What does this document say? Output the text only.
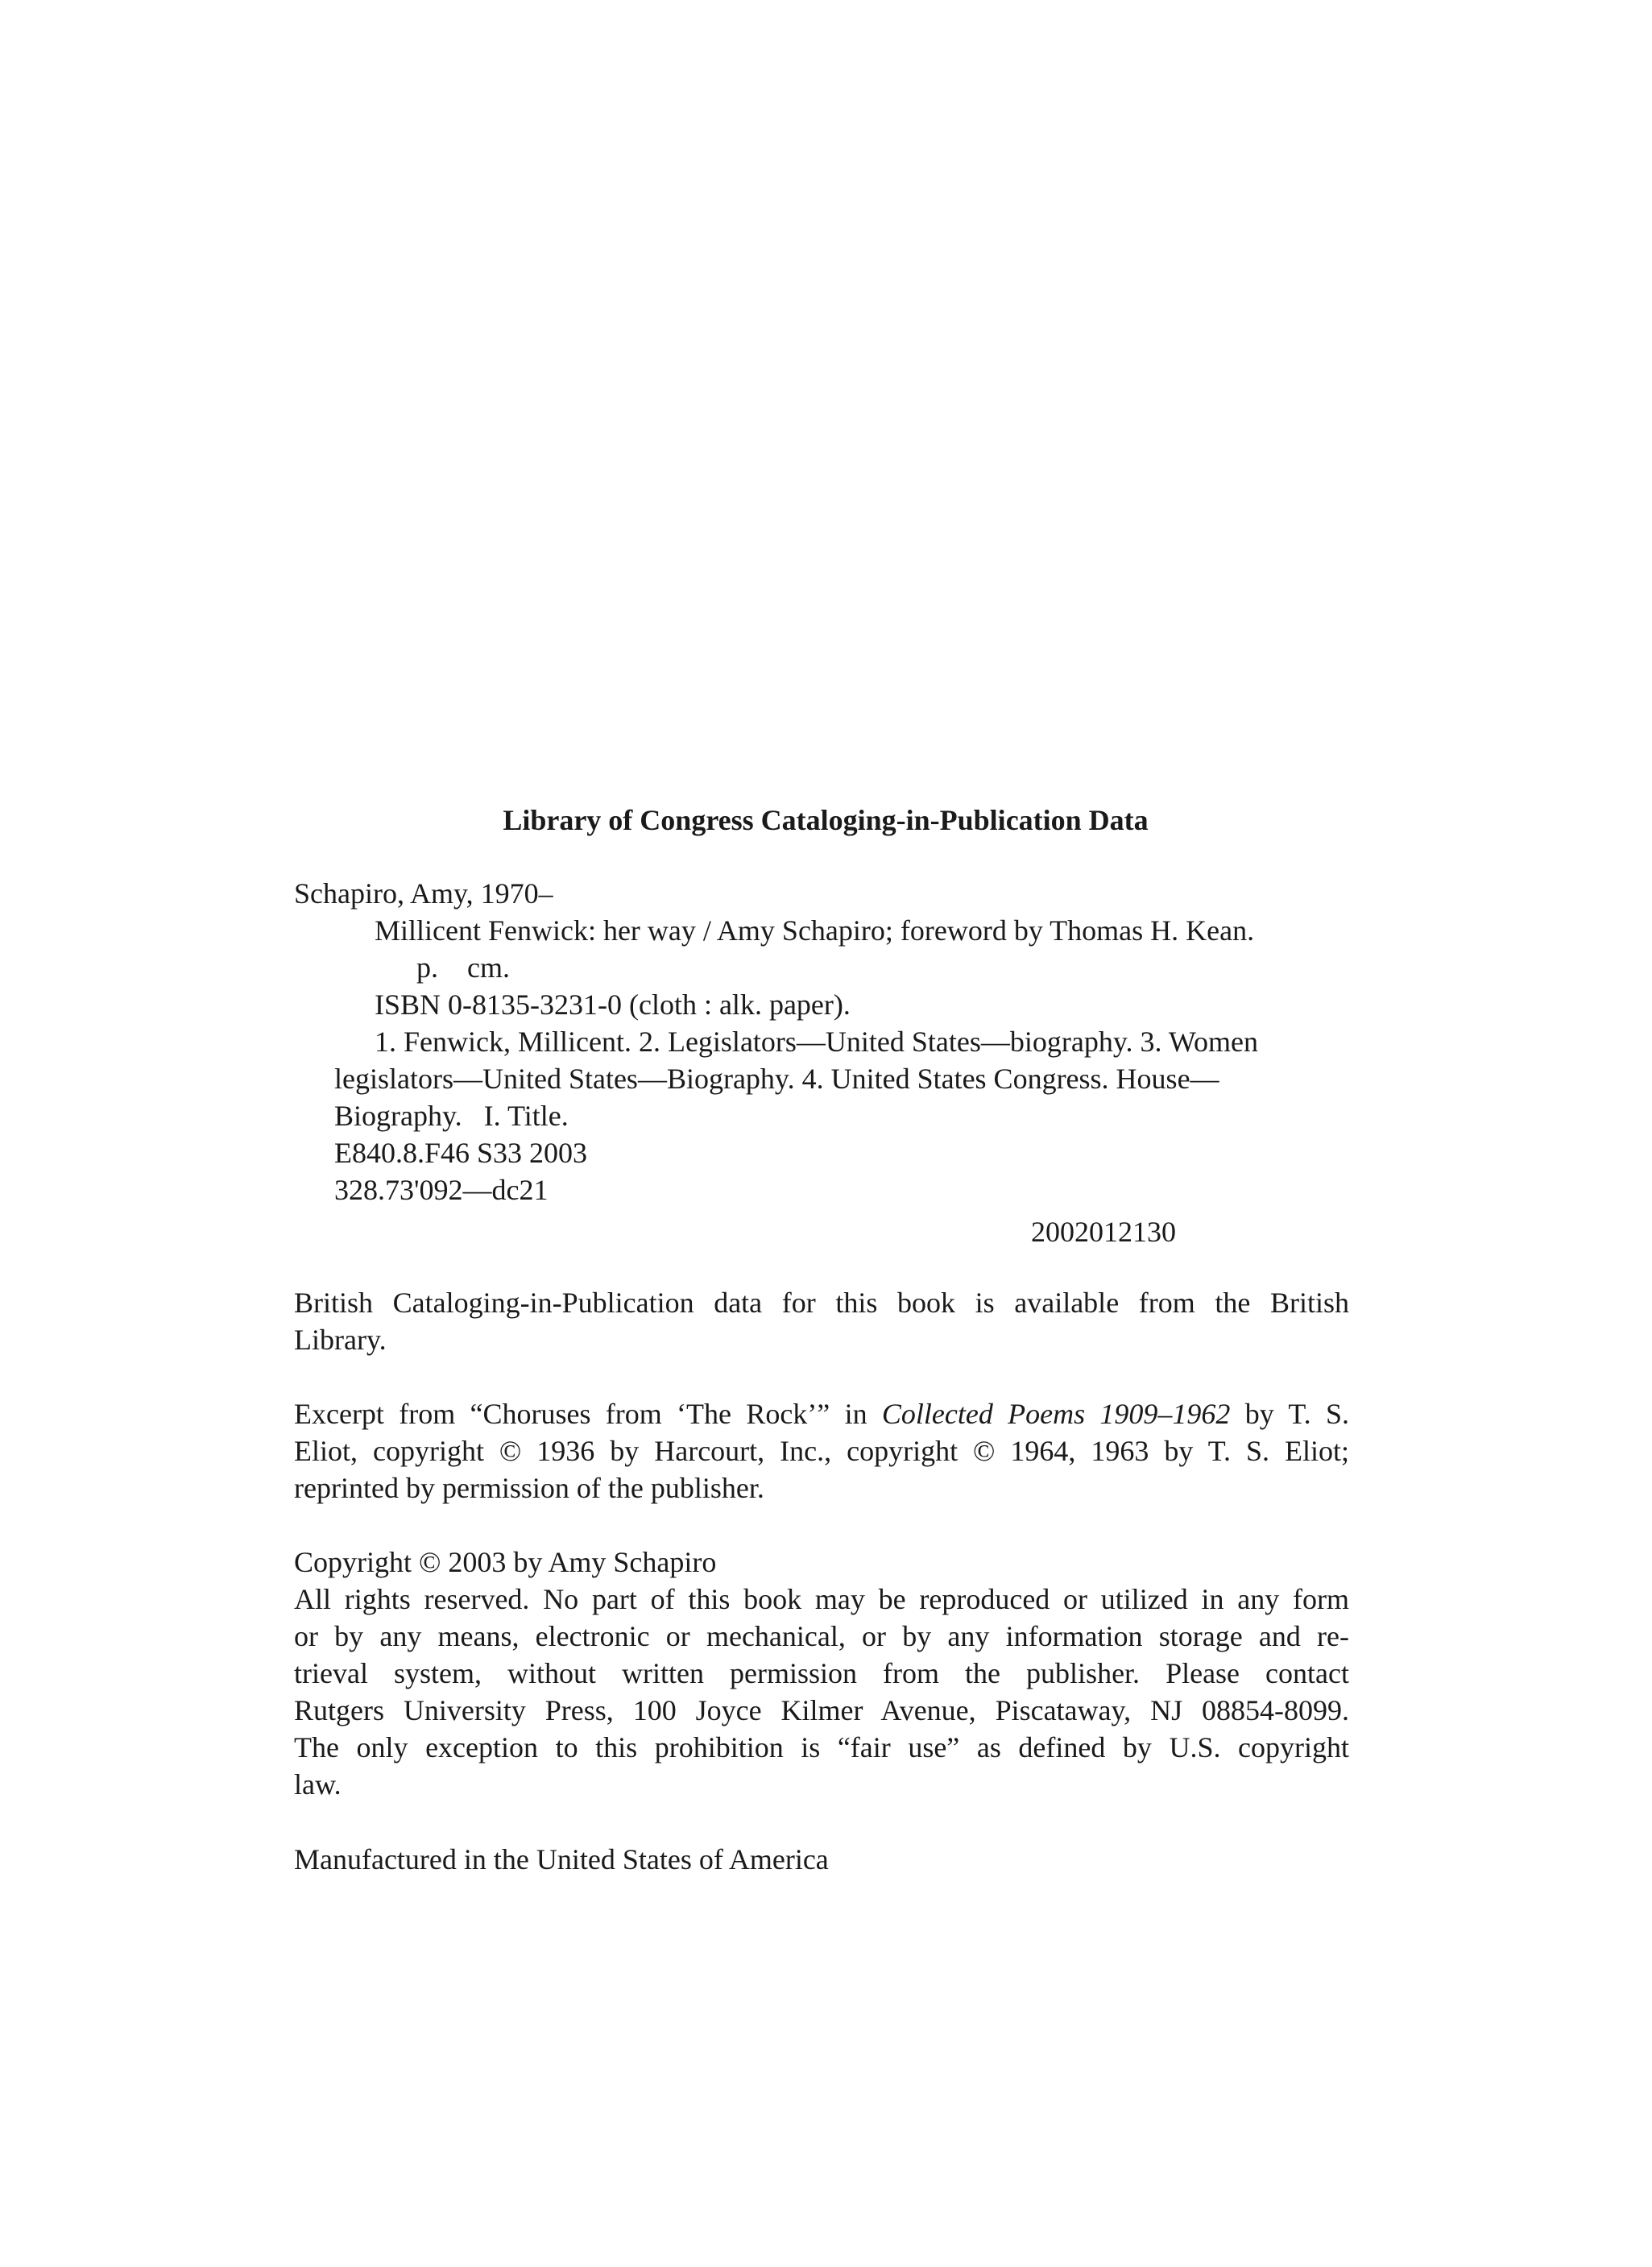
Library of Congress Cataloging-in-Publication Data
Schapiro, Amy, 1970–
Millicent Fenwick: her way / Amy Schapiro; foreword by Thomas H. Kean.
p.    cm.
ISBN 0-8135-3231-0 (cloth : alk. paper).
1. Fenwick, Millicent. 2. Legislators—United States—biography. 3. Women
legislators—United States—Biography. 4. United States Congress. House—
Biography.   I. Title.
E840.8.F46 S33 2003
328.73'092—dc21

2002012130

British Cataloging-in-Publication data for this book is available from the British
Library.
Excerpt from “Choruses from ‘The Rock’” in Collected Poems 1909–1962 by T. S.
Eliot, copyright © 1936 by Harcourt, Inc., copyright © 1964, 1963 by T. S. Eliot;
reprinted by permission of the publisher.
Copyright © 2003 by Amy Schapiro
All rights reserved. No part of this book may be reproduced or utilized in any form
or by any means, electronic or mechanical, or by any information storage and re-
trieval system, without written permission from the publisher. Please contact
Rutgers University Press, 100 Joyce Kilmer Avenue, Piscataway, NJ 08854-8099.
The only exception to this prohibition is “fair use” as defined by U.S. copyright
law.

Manufactured in the United States of America
